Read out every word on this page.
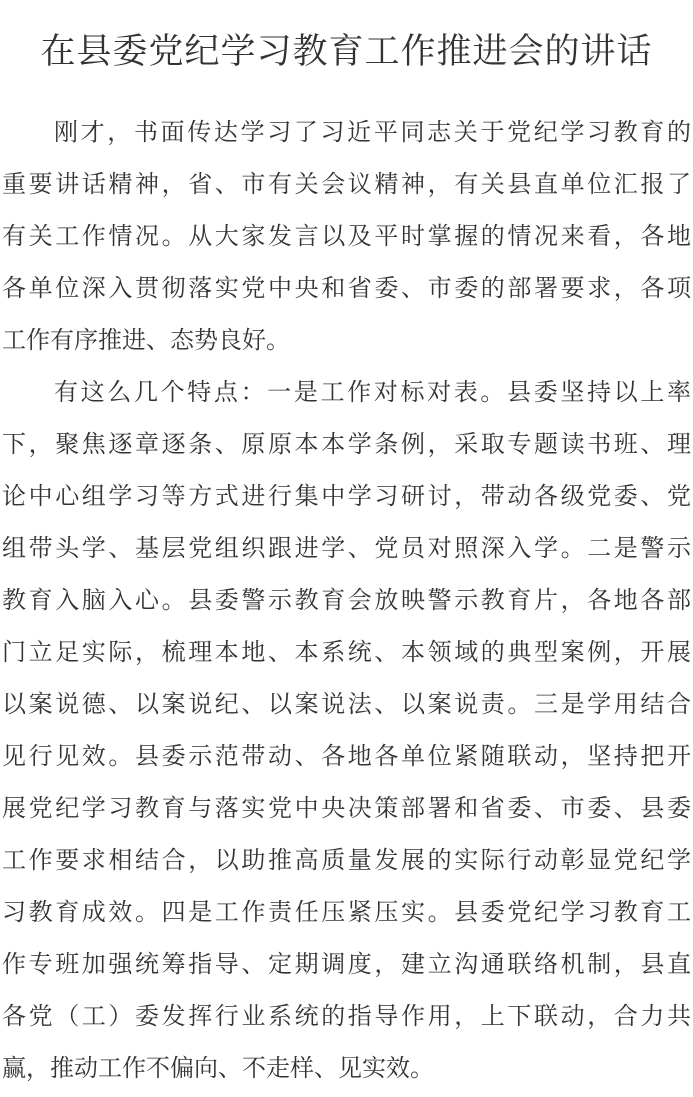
在县委党纪学习教育工作推进会的讲话
刚才，书面传达学习了习近平同志关于党纪学习教育的
重要讲话精神，省、市有关会议精神，有关县直单位汇报了
有关工作情况。从大家发言以及平时掌握的情况来看，各地
各单位深入贯彻落实党中央和省委、市委的部署要求，各项
工作有序推进、态势良好。
有这么几个特点：一是工作对标对表。县委坚持以上率
下，聚焦逐章逐条、原原本本学条例，采取专题读书班、理
论中心组学习等方式进行集中学习研讨，带动各级党委、党
组带头学、基层党组织跟进学、党员对照深入学。二是警示
教育入脑入心。县委警示教育会放映警示教育片，各地各部
门立足实际，梳理本地、本系统、本领域的典型案例，开展
以案说德、以案说纪、以案说法、以案说责。三是学用结合
见行见效。县委示范带动、各地各单位紧随联动，坚持把开
展党纪学习教育与落实党中央决策部署和省委、市委、县委
工作要求相结合，以助推高质量发展的实际行动彰显党纪学
习教育成效。四是工作责任压紧压实。县委党纪学习教育工
作专班加强统筹指导、定期调度，建立沟通联络机制，县直
各党（工）委发挥行业系统的指导作用，上下联动，合力共
赢，推动工作不偏向、不走样、见实效。
